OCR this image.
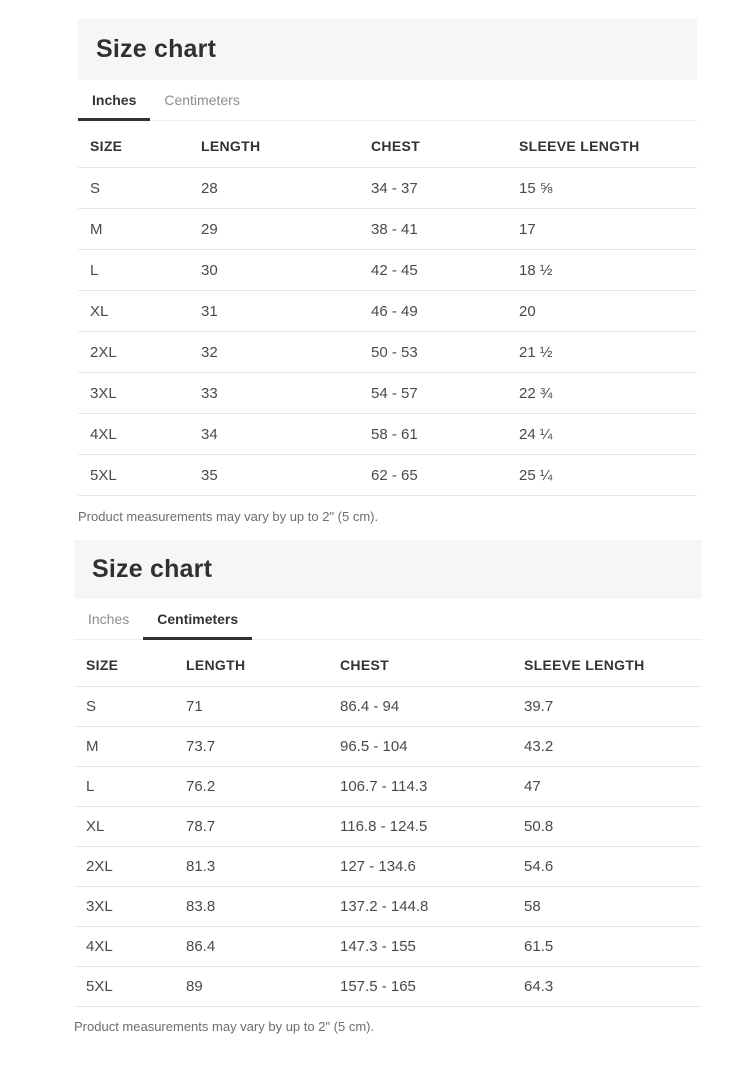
Size chart
Inches	Centimeters
SIZE	LENGTH	CHEST	SLEEVE LENGTH
S	28	34 - 37	15 ⅝
M	29	38 - 41	17
L	30	42 - 45	18 ½
XL	31	46 - 49	20
2XL	32	50 - 53	21 ½
3XL	33	54 - 57	22 ¾
4XL	34	58 - 61	24 ¼
5XL	35	62 - 65	25 ¼

Product measurements may vary by up to 2" (5 cm).

Size chart
Inches	Centimeters
SIZE	LENGTH	CHEST	SLEEVE LENGTH
S	71	86.4 - 94	39.7
M	73.7	96.5 - 104	43.2
L	76.2	106.7 - 114.3	47
XL	78.7	116.8 - 124.5	50.8
2XL	81.3	127 - 134.6	54.6
3XL	83.8	137.2 - 144.8	58
4XL	86.4	147.3 - 155	61.5
5XL	89	157.5 - 165	64.3

Product measurements may vary by up to 2" (5 cm).
